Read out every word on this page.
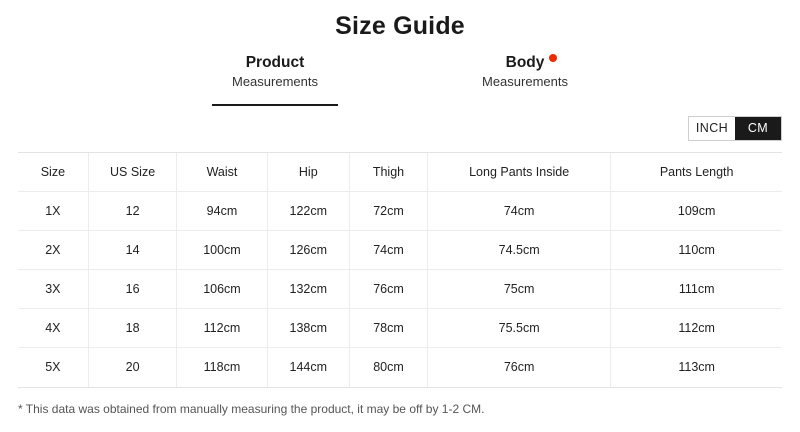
Size Guide
Product
Measurements
Body
Measurements
INCH	CM
Size	US Size	Waist	Hip	Thigh	Long Pants Inside	Pants Length
1X	12	94cm	122cm	72cm	74cm	109cm
2X	14	100cm	126cm	74cm	74.5cm	110cm
3X	16	106cm	132cm	76cm	75cm	111cm
4X	18	112cm	138cm	78cm	75.5cm	112cm
5X	20	118cm	144cm	80cm	76cm	113cm
* This data was obtained from manually measuring the product, it may be off by 1-2 CM.
